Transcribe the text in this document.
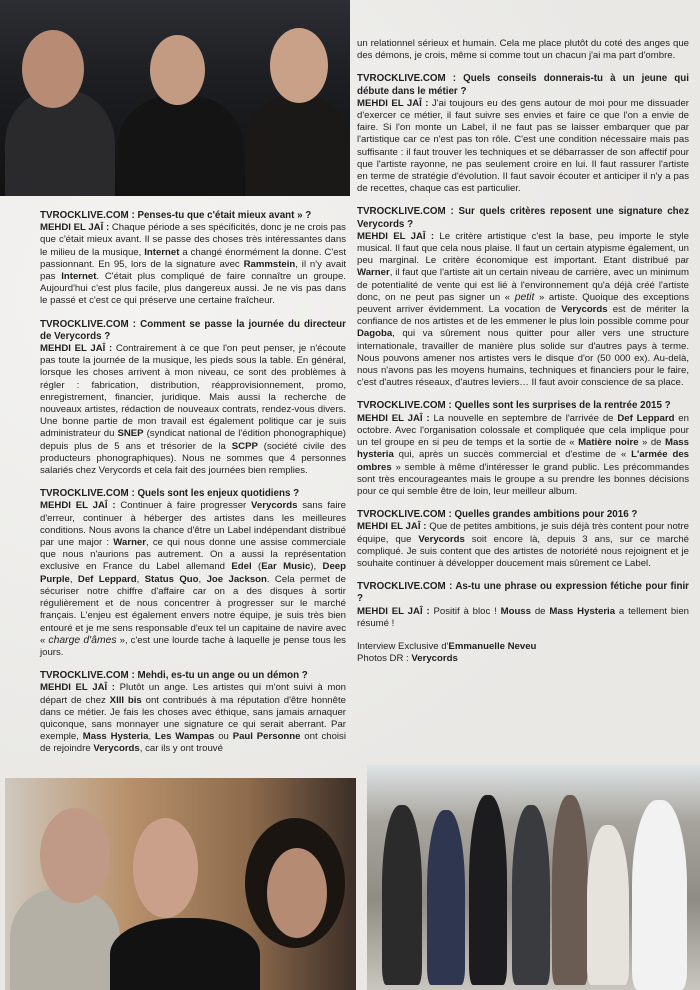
TVROCKLIVE.COM : Penses-tu que c'était mieux avant » ?
MEHDI EL JAÎ : Chaque période a ses spécificités, donc je ne crois pas que c'était mieux avant. Il se passe des choses très intéressantes dans le milieu de la musique, Internet a changé énormément la donne. C'est passionnant. En 95, lors de la signature avec Rammstein, il n'y avait pas Internet. C'était plus compliqué de faire connaître un groupe. Aujourd'hui c'est plus facile, plus dangereux aussi. Je ne vis pas dans le passé et c'est ce qui préserve une certaine fraîcheur.
TVROCKLIVE.COM : Comment se passe la journée du directeur de Verycords ?
MEHDI EL JAÎ : Contrairement à ce que l'on peut penser, je n'écoute pas toute la journée de la musique, les pieds sous la table. En général, lorsque les choses arrivent à mon niveau, ce sont des problèmes à régler : fabrication, distribution, réapprovisionnement, promo, enregistrement, financier, juridique. Mais aussi la recherche de nouveaux artistes, rédaction de nouveaux contrats, rendez-vous divers. Une bonne partie de mon travail est également politique car je suis administrateur du SNEP (syndicat national de l'édition phonographique) depuis plus de 5 ans et trésorier de la SCPP (société civile des producteurs phonographiques). Nous ne sommes que 4 personnes salariés chez Verycords et cela fait des journées bien remplies.
TVROCKLIVE.COM : Quels sont les enjeux quotidiens ?
MEHDI EL JAÎ : Continuer à faire progresser Verycords sans faire d'erreur, continuer à héberger des artistes dans les meilleures conditions. Nous avons la chance d'être un Label indépendant distribué par une major : Warner, ce qui nous donne une assise commerciale que nous n'aurions pas autrement. On a aussi la représentation exclusive en France du Label allemand Edel (Ear Music), Deep Purple, Def Leppard, Status Quo, Joe Jackson. Cela permet de sécuriser notre chiffre d'affaire car on a des disques à sortir régulièrement et de nous concentrer à progresser sur le marché français. L'enjeu est également envers notre équipe, je suis très bien entouré et je me sens responsable d'eux tel un capitaine de navire avec « charge d'âmes », c'est une lourde tache à laquelle je pense tous les jours.
TVROCKLIVE.COM : Mehdi, es-tu un ange ou un démon ?
MEHDI EL JAÎ : Plutôt un ange. Les artistes qui m'ont suivi à mon départ de chez XIII bis ont contribués à ma réputation d'être honnête dans ce métier. Je fais les choses avec éthique, sans jamais arnaquer quiconque, sans monnayer une signature ce qui serait aberrant. Par exemple, Mass Hysteria, Les Wampas ou Paul Personne ont choisi de rejoindre Verycords, car ils y ont trouvé
un relationnel sérieux et humain. Cela me place plutôt du coté des anges que des démons, je crois, même si comme tout un chacun j'ai ma part d'ombre.
TVROCKLIVE.COM : Quels conseils donnerais-tu à un jeune qui débute dans le métier ?
MEHDI EL JAÎ : J'ai toujours eu des gens autour de moi pour me dissuader d'exercer ce métier, il faut suivre ses envies et faire ce que l'on a envie de faire. Si l'on monte un Label, il ne faut pas se laisser embarquer que par l'artistique car ce n'est pas ton rôle. C'est une condition nécessaire mais pas suffisante : il faut trouver les techniques et se débarrasser de son affectif pour que l'artiste rayonne, ne pas seulement croire en lui. Il faut rassurer l'artiste en terme de stratégie d'évolution. Il faut savoir écouter et anticiper il n'y a pas de recettes, chaque cas est particulier.
TVROCKLIVE.COM : Sur quels critères reposent une signature chez Verycords ?
MEHDI EL JAÎ : Le critère artistique c'est la base, peu importe le style musical. Il faut que cela nous plaise. Il faut un certain atypisme également, un peu marginal. Le critère économique est important. Etant distribué par Warner, il faut que l'artiste ait un certain niveau de carrière, avec un minimum de potentialité de vente qui est lié à l'environnement qu'a déjà créé l'artiste donc, on ne peut pas signer un « petit » artiste. Quoique des exceptions peuvent arriver évidemment. La vocation de Verycords est de mériter la confiance de nos artistes et de les emmener le plus loin possible comme pour Dagoba, qui va sûrement nous quitter pour aller vers une structure internationale, travailler de manière plus solide sur d'autres pays à terme. Nous pouvons amener nos artistes vers le disque d'or (50 000 ex). Au-delà, nous n'avons pas les moyens humains, techniques et financiers pour le faire, c'est d'autres réseaux, d'autres leviers… Il faut avoir conscience de sa place.
TVROCKLIVE.COM : Quelles sont les surprises de la rentrée 2015 ?
MEHDI EL JAÎ : La nouvelle en septembre de l'arrivée de Def Leppard en octobre. Avec l'organisation colossale et compliquée que cela implique pour un tel groupe en si peu de temps et la sortie de « Matière noire » de Mass hysteria qui, après un succès commercial et d'estime de « L'armée des ombres » semble à même d'intéresser le grand public. Les précommandes sont très encourageantes mais le groupe a su prendre les bonnes décisions pour ce qui semble être de loin, leur meilleur album.
TVROCKLIVE.COM : Quelles grandes ambitions pour 2016 ?
MEHDI EL JAÎ : Que de petites ambitions, je suis déjà très content pour notre équipe, que Verycords soit encore là, depuis 3 ans, sur ce marché compliqué. Je suis content que des artistes de notoriété nous rejoignent et je souhaite continuer à développer doucement mais sûrement ce Label.
TVROCKLIVE.COM : As-tu une phrase ou expression fétiche pour finir ?
MEHDI EL JAÎ : Positif à bloc ! Mouss de Mass Hysteria a tellement bien résumé !
Interview Exclusive d'Emmanuelle Neveu
Photos DR : Verycords
